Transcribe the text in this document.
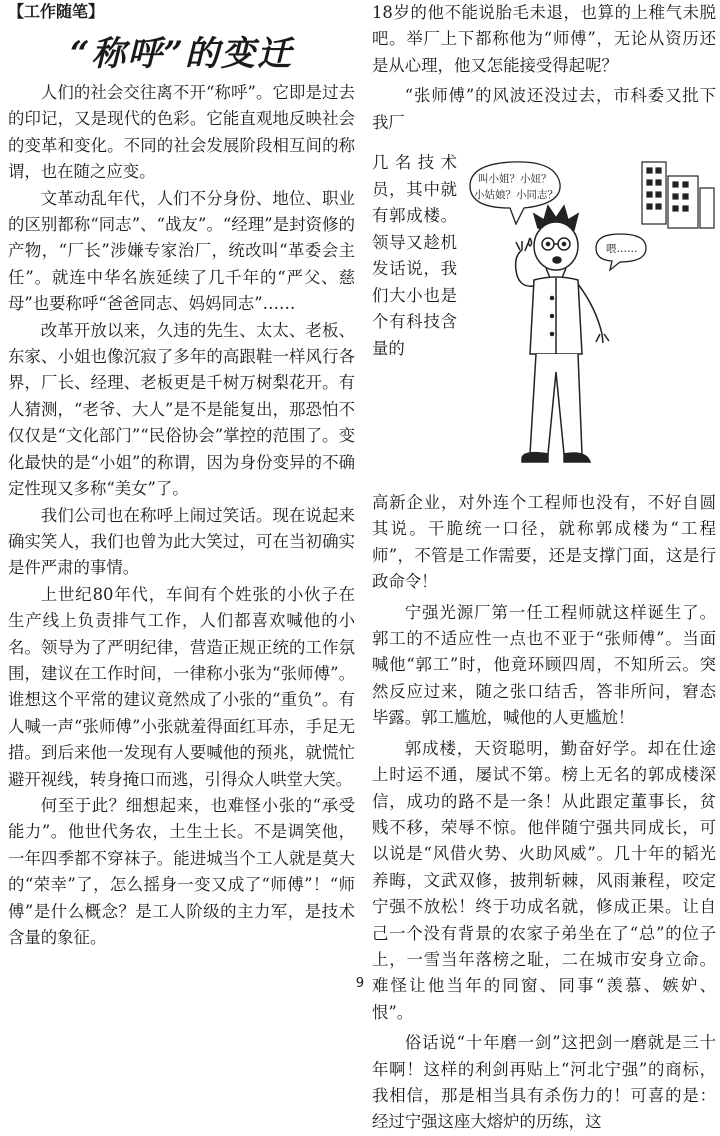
【工作随笔】
“称呼”的变迁

人们的社会交往离不开“称呼”。它即是过去的印记，又是现代的色彩。它能直观地反映社会的变革和变化。不同的社会发展阶段相互间的称谓，也在随之应变。

文革动乱年代，人们不分身份、地位、职业的区别都称“同志”、“战友”。“经理”是封资修的产物，“厂长”涉嫌专家治厂，统改叫“革委会主任”。就连中华名族延续了几千年的“严父、慈母”也要称呼“爸爸同志、妈妈同志”……

改革开放以来，久违的先生、太太、老板、东家、小姐也像沉寂了多年的高跟鞋一样风行各界，厂长、经理、老板更是千树万树梨花开。有人猜测，“老爷、大人”是不是能复出，那恐怕不仅仅是“文化部门”“民俗协会”掌控的范围了。变化最快的是“小姐”的称谓，因为身份变异的不确定性现又多称“美女”了。

我们公司也在称呼上闹过笑话。现在说起来确实笑人，我们也曾为此大笑过，可在当初确实是件严肃的事情。

上世纪80年代，车间有个姓张的小伙子在生产线上负责排气工作，人们都喜欢喊他的小名。领导为了严明纪律，营造正规正统的工作氛围，建议在工作时间，一律称小张为“张师傅”。谁想这个平常的建议竟然成了小张的“重负”。有人喊一声“张师傅”小张就羞得面红耳赤，手足无措。到后来他一发现有人要喊他的预兆，就慌忙避开视线，转身掩口而逃，引得众人哄堂大笑。

何至于此？细想起来，也难怪小张的“承受能力”。他世代务农，土生土长。不是调笑他，一年四季都不穿袜子。能进城当个工人就是莫大的“荣幸”了，怎么摇身一变又成了“师傅”！“师傅”是什么概念？是工人阶级的主力军，是技术含量的象征。

18岁的他不能说胎毛未退，也算的上稚气未脱吧。举厂上下都称他为“师傅”，无论从资历还是从心理，他又怎能接受得起呢？

“张师傅”的风波还没过去，市科委又批下我厂

几名技术员，其中就有郭成楼。领导又趁机发话说，我们大小也是个有科技含量的

叫小姐？小妞？
小姑娘？小同志？
喂……

高新企业，对外连个工程师也没有，不好自圆其说。干脆统一口径，就称郭成楼为“工程师”，不管是工作需要，还是支撑门面，这是行政命令！

宁强光源厂第一任工程师就这样诞生了。郭工的不适应性一点也不亚于“张师傅”。当面喊他“郭工”时，他竟环顾四周，不知所云。突然反应过来，随之张口结舌，答非所问，窘态毕露。郭工尴尬，喊他的人更尴尬！

郭成楼，天资聪明，勤奋好学。却在仕途上时运不通，屡试不第。榜上无名的郭成楼深信，成功的路不是一条！从此跟定董事长，贫贱不移，荣辱不惊。他伴随宁强共同成长，可以说是“风借火势、火助风威”。几十年的韬光养晦，文武双修，披荆斩棘，风雨兼程，咬定宁强不放松！终于功成名就，修成正果。让自己一个没有背景的农家子弟坐在了“总”的位子上，一雪当年落榜之耻，二在城市安身立命。难怪让他当年的同窗、同事“羡慕、嫉妒、恨”。

俗话说“十年磨一剑”这把剑一磨就是三十年啊！这样的利剑再贴上“河北宁强”的商标，我相信，那是相当具有杀伤力的！可喜的是：经过宁强这座大熔炉的历练，这

9
